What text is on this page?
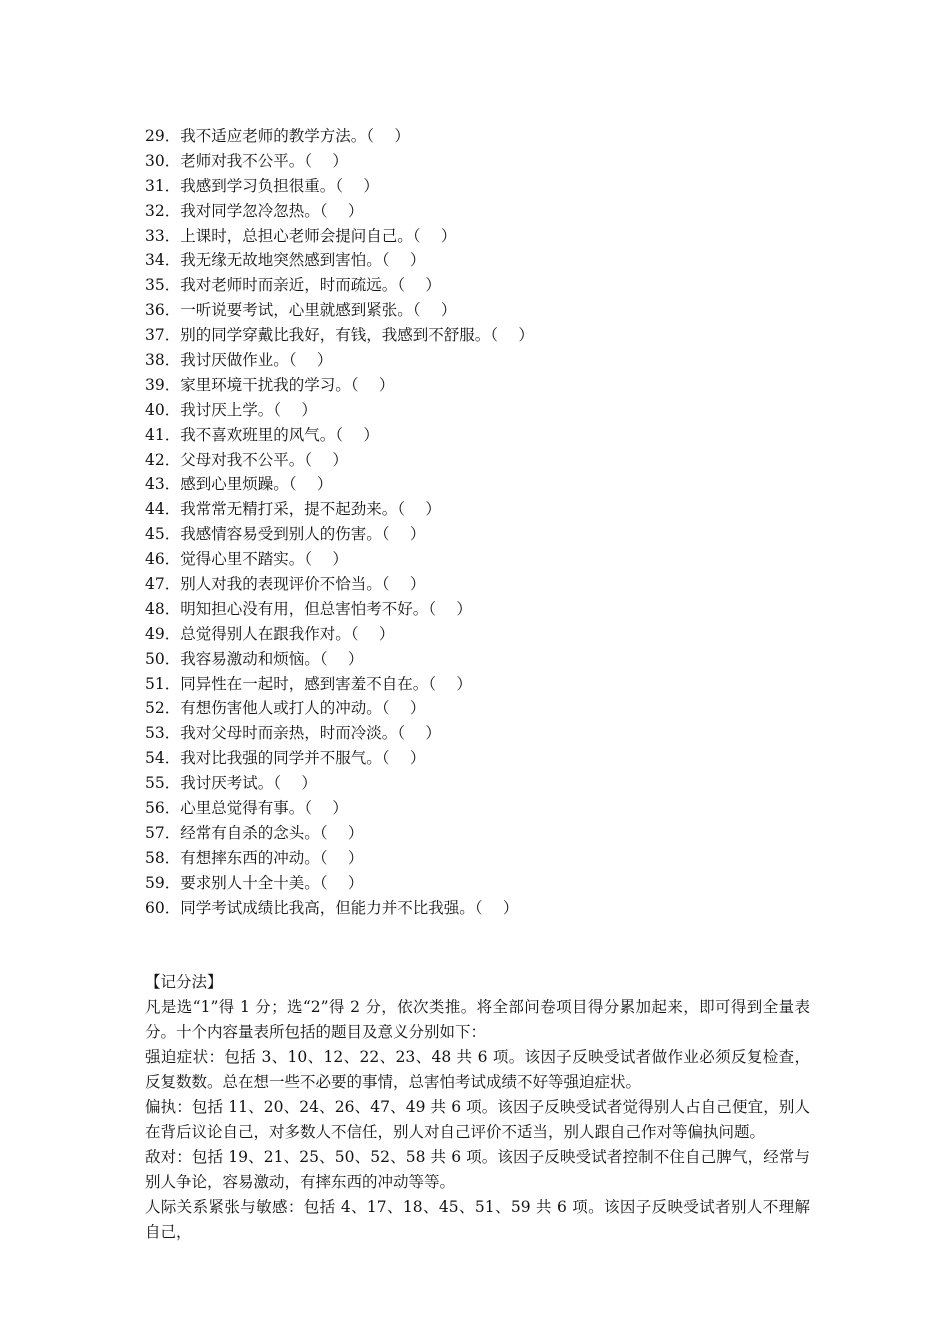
29．我不适应老师的教学方法。（　 ）
30．老师对我不公平。（　 ）
31．我感到学习负担很重。（　 ）
32．我对同学忽冷忽热。（　 ）
33．上课时，总担心老师会提问自己。（　 ）
34．我无缘无故地突然感到害怕。（　 ）
35．我对老师时而亲近，时而疏远。（　 ）
36．一听说要考试，心里就感到紧张。（　 ）
37．别的同学穿戴比我好，有钱，我感到不舒服。（　 ）
38．我讨厌做作业。（　 ）
39．家里环境干扰我的学习。（　 ）
40．我讨厌上学。（　 ）
41．我不喜欢班里的风气。（　 ）
42．父母对我不公平。（　 ）
43．感到心里烦躁。（　 ）
44．我常常无精打采，提不起劲来。（　 ）
45．我感情容易受到别人的伤害。（　 ）
46．觉得心里不踏实。（　 ）
47．别人对我的表现评价不恰当。（　 ）
48．明知担心没有用，但总害怕考不好。（　 ）
49．总觉得别人在跟我作对。（　 ）
50．我容易激动和烦恼。（　 ）
51．同异性在一起时，感到害羞不自在。（　 ）
52．有想伤害他人或打人的冲动。（　 ）
53．我对父母时而亲热，时而冷淡。（　 ）
54．我对比我强的同学并不服气。（　 ）
55．我讨厌考试。（　 ）
56．心里总觉得有事。（　 ）
57．经常有自杀的念头。（　 ）
58．有想摔东西的冲动。（　 ）
59．要求别人十全十美。（　 ）
60．同学考试成绩比我高，但能力并不比我强。（　 ）
【记分法】

凡是选“1”得 1 分；选“2”得 2 分，依次类推。将全部问卷项目得分累加起来，即可得到全量表分。十个内容量表所包括的题目及意义分别如下：

强迫症状：包括 3、10、12、22、23、48 共 6 项。该因子反映受试者做作业必须反复检查，反复数数。总在想一些不必要的事情，总害怕考试成绩不好等强迫症状。

偏执：包括 11、20、24、26、47、49 共 6 项。该因子反映受试者觉得别人占自己便宜，别人在背后议论自己，对多数人不信任，别人对自己评价不适当，别人跟自己作对等偏执问题。

敌对：包括 19、21、25、50、52、58 共 6 项。该因子反映受试者控制不住自己脾气，经常与别人争论，容易激动，有摔东西的冲动等等。

人际关系紧张与敏感：包括 4、17、18、45、51、59 共 6 项。该因子反映受试者别人不理解自己，
